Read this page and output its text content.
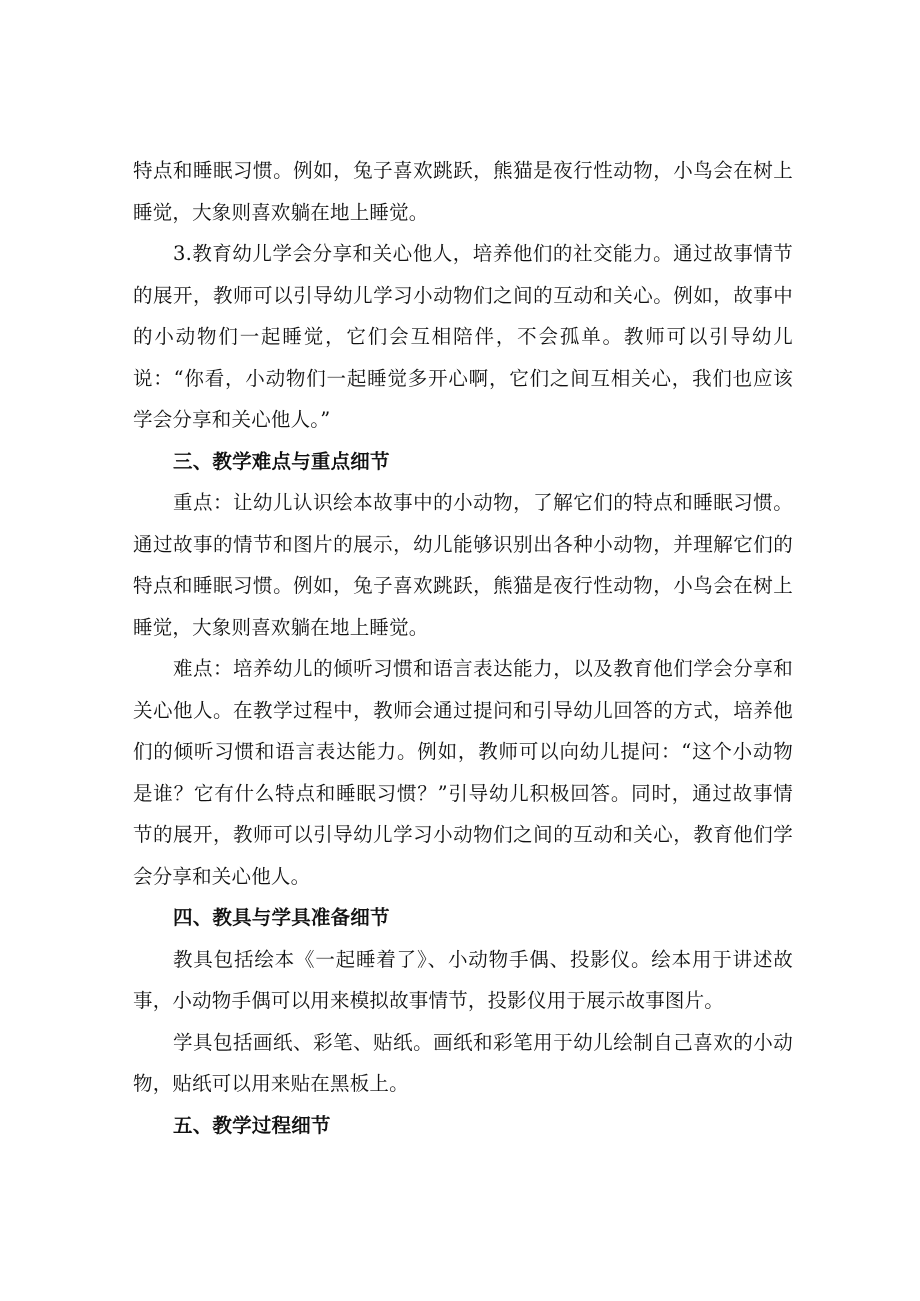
特点和睡眠习惯。例如，兔子喜欢跳跃，熊猫是夜行性动物，小鸟会在树上睡觉，大象则喜欢躺在地上睡觉。

3.教育幼儿学会分享和关心他人，培养他们的社交能力。通过故事情节的展开，教师可以引导幼儿学习小动物们之间的互动和关心。例如，故事中的小动物们一起睡觉，它们会互相陪伴，不会孤单。教师可以引导幼儿说：“你看，小动物们一起睡觉多开心啊，它们之间互相关心，我们也应该学会分享和关心他人。”

三、教学难点与重点细节

重点：让幼儿认识绘本故事中的小动物，了解它们的特点和睡眠习惯。通过故事的情节和图片的展示，幼儿能够识别出各种小动物，并理解它们的特点和睡眠习惯。例如，兔子喜欢跳跃，熊猫是夜行性动物，小鸟会在树上睡觉，大象则喜欢躺在地上睡觉。

难点：培养幼儿的倾听习惯和语言表达能力，以及教育他们学会分享和关心他人。在教学过程中，教师会通过提问和引导幼儿回答的方式，培养他们的倾听习惯和语言表达能力。例如，教师可以向幼儿提问：“这个小动物是谁？它有什么特点和睡眠习惯？”引导幼儿积极回答。同时，通过故事情节的展开，教师可以引导幼儿学习小动物们之间的互动和关心，教育他们学会分享和关心他人。

四、教具与学具准备细节

教具包括绘本《一起睡着了》、小动物手偶、投影仪。绘本用于讲述故事，小动物手偶可以用来模拟故事情节，投影仪用于展示故事图片。

学具包括画纸、彩笔、贴纸。画纸和彩笔用于幼儿绘制自己喜欢的小动物，贴纸可以用来贴在黑板上。

五、教学过程细节
